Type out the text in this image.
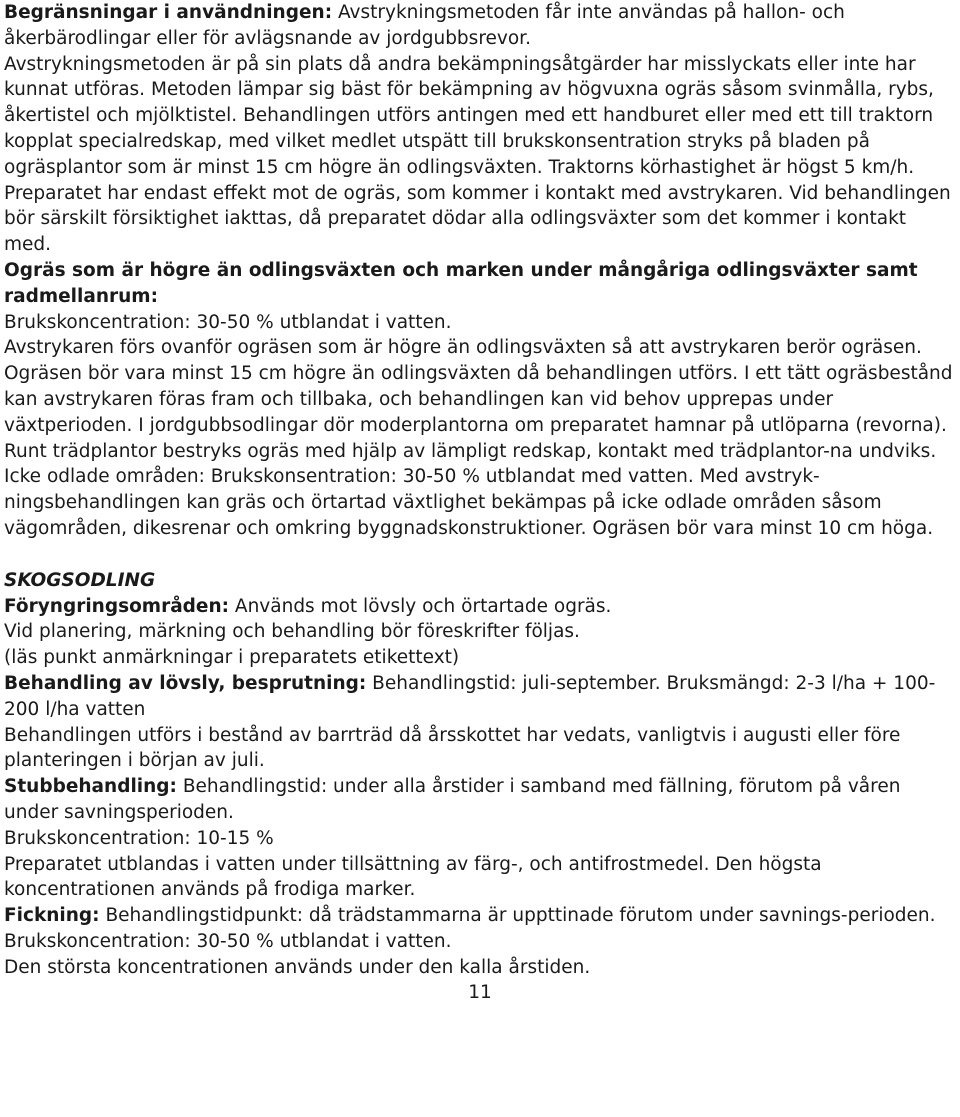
Begränsningar i användningen: Avstrykningsmetoden får inte användas på hallon- och åkerbärodlingar eller för avlägsnande av jordgubbsrevor.

Avstrykningsmetoden är på sin plats då andra bekämpningsåtgärder har misslyckats eller inte har kunnat utföras. Metoden lämpar sig bäst för bekämpning av högvuxna ogräs såsom svinmålla, rybs, åkertistel och mjölktistel. Behandlingen utförs antingen med ett handburet eller med ett till traktorn kopplat specialredskap, med vilket medlet utspätt till brukskonsentration stryks på bladen på ogräsplantor som är minst 15 cm högre än odlingsväxten. Traktorns körhastighet är högst 5 km/h.

Preparatet har endast effekt mot de ogräs, som kommer i kontakt med avstrykaren. Vid behandlingen bör särskilt försiktighet iakttas, då preparatet dödar alla odlingsväxter som det kommer i kontakt med.

Ogräs som är högre än odlingsväxten och marken under mångåriga odlingsväxter samt radmellanrum:

Brukskoncentration: 30-50 % utblandat i vatten.

Avstrykaren förs ovanför ogräsen som är högre än odlingsväxten så att avstrykaren berör ogräsen. Ogräsen bör vara minst 15 cm högre än odlingsväxten då behandlingen utförs. I ett tätt ogräsbestånd kan avstrykaren föras fram och tillbaka, och behandlingen kan vid behov upprepas under växtperioden. I jordgubbsodlingar dör moderplantorna om preparatet hamnar på utlöparna (revorna).

Runt trädplantor bestryks ogräs med hjälp av lämpligt redskap, kontakt med trädplantor-na undviks.

Icke odlade områden: Brukskonsentration: 30-50 % utblandat med vatten. Med avstryk-ningsbehandlingen kan gräs och örtartad växtlighet bekämpas på icke odlade områden såsom vägområden, dikesrenar och omkring byggnadskonstruktioner. Ogräsen bör vara minst 10 cm höga.

SKOGSODLING

Föryngringsområden: Används mot lövsly och örtartade ogräs.

Vid planering, märkning och behandling bör föreskrifter följas.

(läs punkt anmärkningar i preparatets etikettext)

Behandling av lövsly, besprutning: Behandlingstid: juli-september. Bruksmängd: 2-3 l/ha + 100-200 l/ha vatten

Behandlingen utförs i bestånd av barrträd då årsskottet har vedats, vanligtvis i augusti eller före planteringen i början av juli.

Stubbehandling: Behandlingstid: under alla årstider i samband med fällning, förutom på våren under savningsperioden.

Brukskoncentration: 10-15 %

Preparatet utblandas i vatten under tillsättning av färg-, och antifrostmedel. Den högsta koncentrationen används på frodiga marker.

Fickning: Behandlingstidpunkt: då trädstammarna är uppttinade förutom under savnings-perioden.

Brukskoncentration: 30-50 % utblandat i vatten.

Den största koncentrationen används under den kalla årstiden.

11
